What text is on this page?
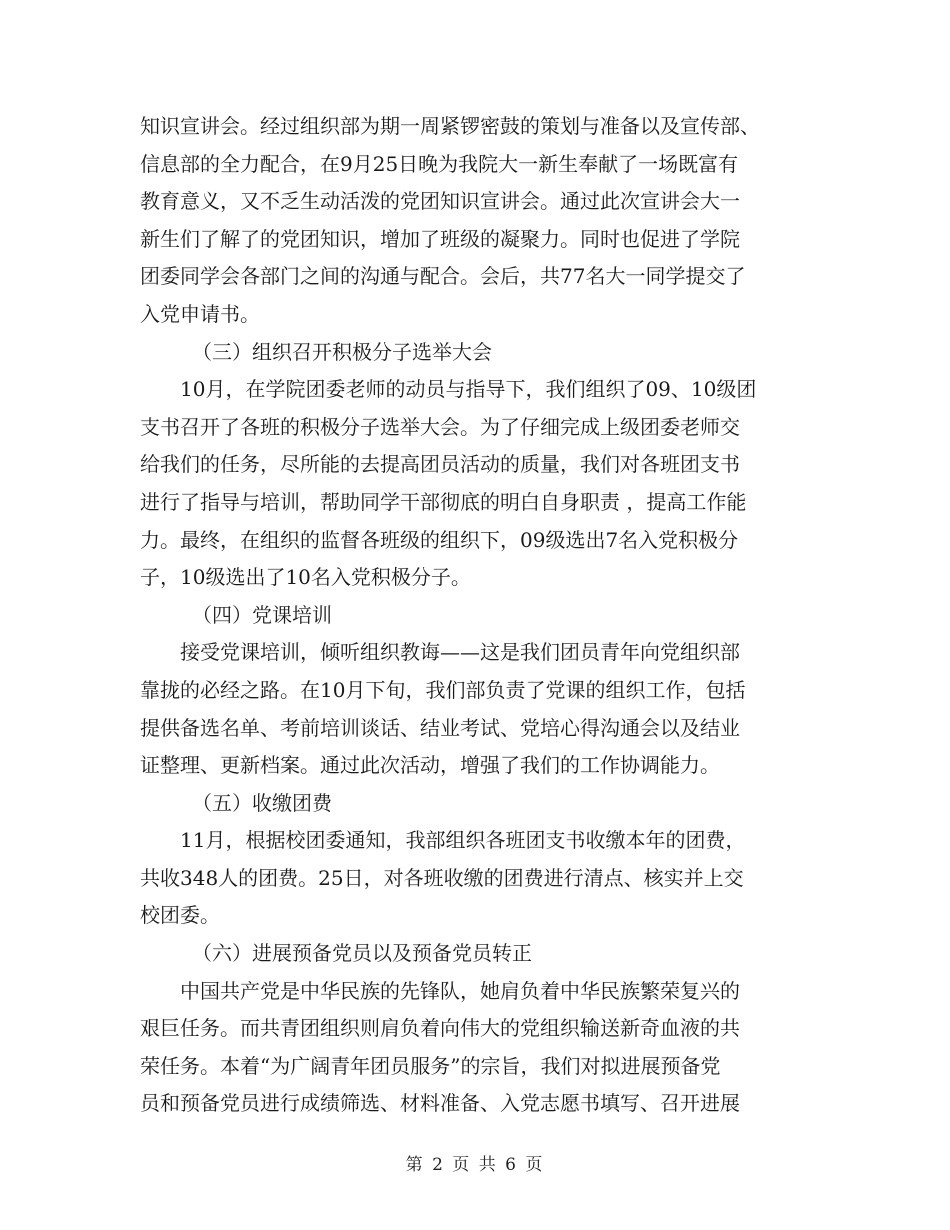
知识宣讲会。经过组织部为期一周紧锣密鼓的策划与准备以及宣传部、
信息部的全力配合，在9月25日晚为我院大一新生奉献了一场既富有
教育意义，又不乏生动活泼的党团知识宣讲会。通过此次宣讲会大一
新生们了解了的党团知识，增加了班级的凝聚力。同时也促进了学院
团委同学会各部门之间的沟通与配合。会后，共77名大一同学提交了
入党申请书。
（三）组织召开积极分子选举大会
10月，在学院团委老师的动员与指导下，我们组织了09、10级团
支书召开了各班的积极分子选举大会。为了仔细完成上级团委老师交
给我们的任务，尽所能的去提高团员活动的质量，我们对各班团支书
进行了指导与培训，帮助同学干部彻底的明白自身职责 ，提高工作能
力。最终，在组织的监督各班级的组织下，09级选出7名入党积极分
子，10级选出了10名入党积极分子。
（四）党课培训
接受党课培训，倾听组织教诲——这是我们团员青年向党组织部
靠拢的必经之路。在10月下旬，我们部负责了党课的组织工作，包括
提供备选名单、考前培训谈话、结业考试、党培心得沟通会以及结业
证整理、更新档案。通过此次活动，增强了我们的工作协调能力。
（五）收缴团费
11月，根据校团委通知，我部组织各班团支书收缴本年的团费，
共收348人的团费。25日，对各班收缴的团费进行清点、核实并上交
校团委。
（六）进展预备党员以及预备党员转正
中国共产党是中华民族的先锋队，她肩负着中华民族繁荣复兴的
艰巨任务。而共青团组织则肩负着向伟大的党组织输送新奇血液的共
荣任务。本着“为广阔青年团员服务”的宗旨，我们对拟进展预备党
员和预备党员进行成绩筛选、材料准备、入党志愿书填写、召开进展
第 2 页 共 6 页
